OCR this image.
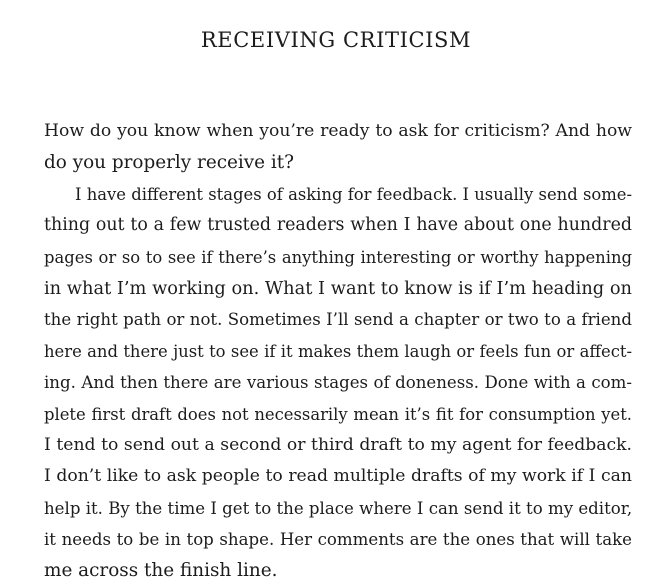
RECEIVING CRITICISM
How do you know when you’re ready to ask for criticism? And how
do you properly receive it?
I have different stages of asking for feedback. I usually send some-
thing out to a few trusted readers when I have about one hundred
pages or so to see if there’s anything interesting or worthy happening
in what I’m working on. What I want to know is if I’m heading on
the right path or not. Sometimes I’ll send a chapter or two to a friend
here and there just to see if it makes them laugh or feels fun or affect-
ing. And then there are various stages of doneness. Done with a com-
plete first draft does not necessarily mean it’s fit for consumption yet.
I tend to send out a second or third draft to my agent for feedback.
I don’t like to ask people to read multiple drafts of my work if I can
help it. By the time I get to the place where I can send it to my editor,
it needs to be in top shape. Her comments are the ones that will take
me across the finish line.
